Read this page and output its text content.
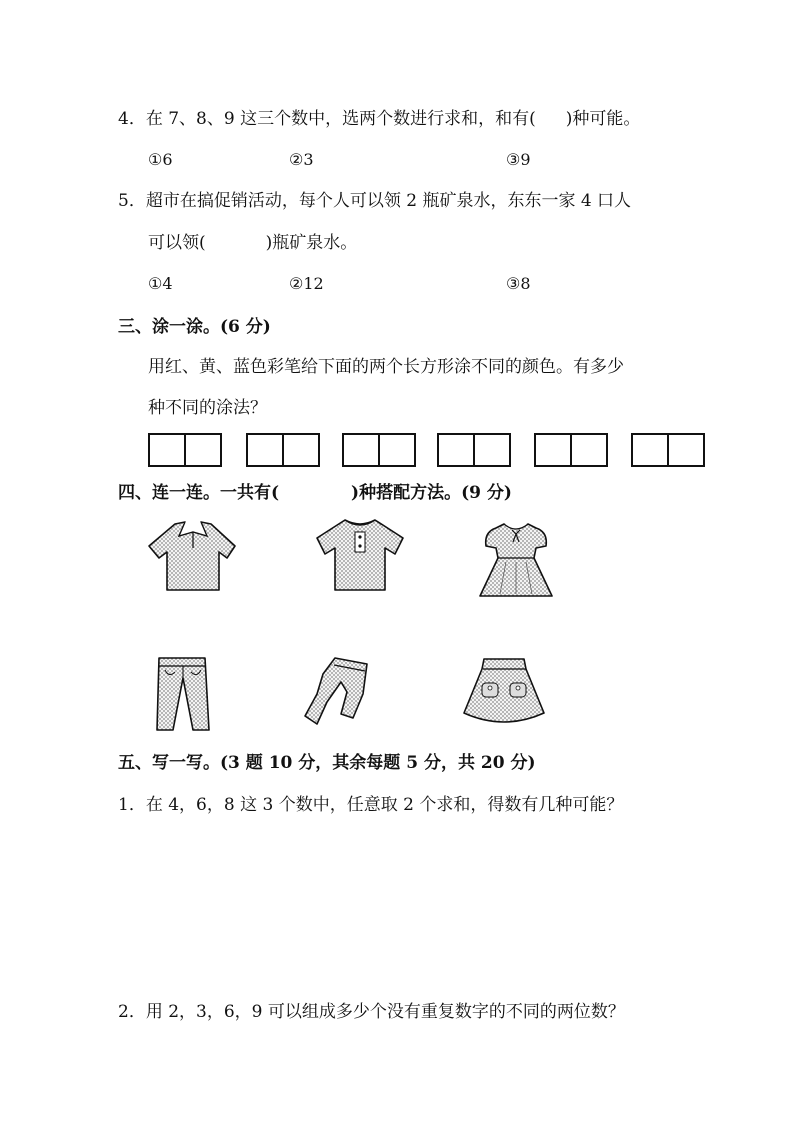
4．在 7、8、9 这三个数中，选两个数进行求和，和有( )种可能。
①6	②3	③9
5．超市在搞促销活动，每个人可以领 2 瓶矿泉水，东东一家 4 口人
可以领(	)瓶矿泉水。
①4	②12	③8
三、涂一涂。(6 分)
用红、黄、蓝色彩笔给下面的两个长方形涂不同的颜色。有多少
种不同的涂法？
四、连一连。一共有(	)种搭配方法。(9 分)
五、写一写。(3 题 10 分，其余每题 5 分，共 20 分)
1．在 4，6，8 这 3 个数中，任意取 2 个求和，得数有几种可能？
2．用 2，3，6，9 可以组成多少个没有重复数字的不同的两位数？
